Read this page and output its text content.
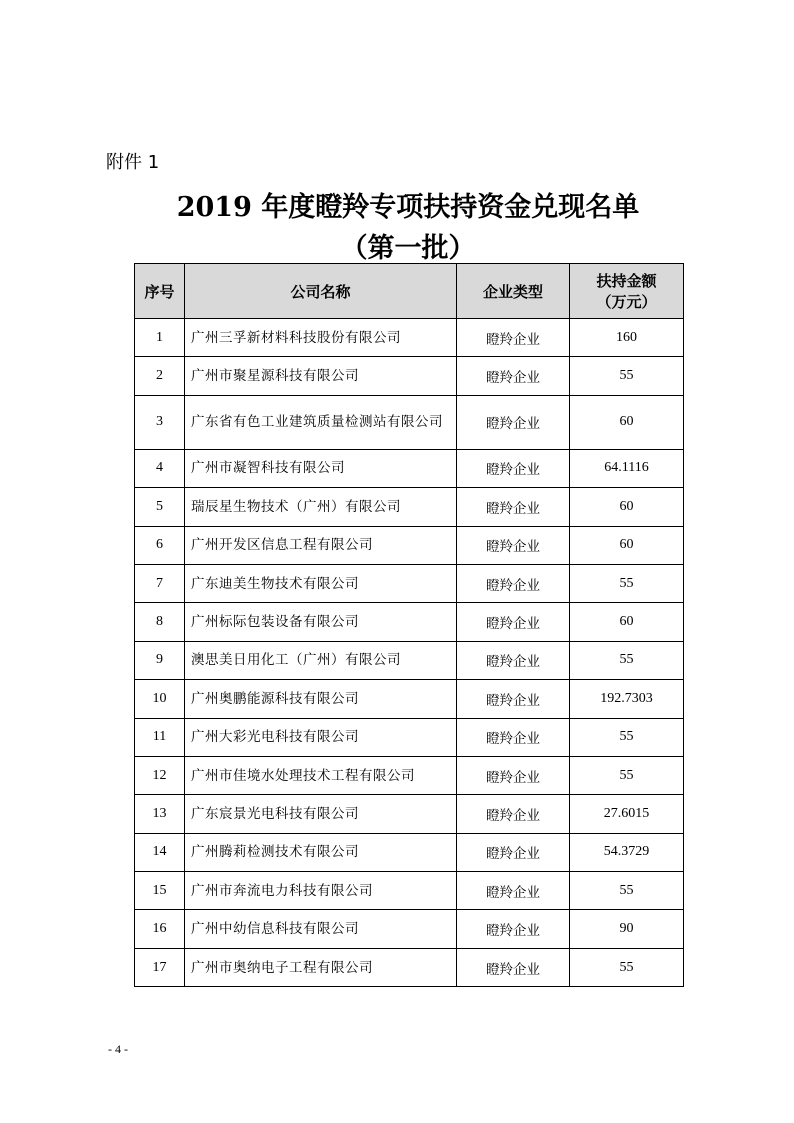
附件 1
2019 年度瞪羚专项扶持资金兑现名单
（第一批）
序号	公司名称	企业类型	扶持金额
（万元）

1	广州三孚新材料科技股份有限公司	瞪羚企业	160
2	广州市聚星源科技有限公司	瞪羚企业	55
3	广东省有色工业建筑质量检测站有限公司	瞪羚企业	60
4	广州市凝智科技有限公司	瞪羚企业	64.1116
5	瑞辰星生物技术（广州）有限公司	瞪羚企业	60
6	广州开发区信息工程有限公司	瞪羚企业	60
7	广东迪美生物技术有限公司	瞪羚企业	55
8	广州标际包装设备有限公司	瞪羚企业	60
9	澳思美日用化工（广州）有限公司	瞪羚企业	55
10	广州奥鹏能源科技有限公司	瞪羚企业	192.7303
11	广州大彩光电科技有限公司	瞪羚企业	55
12	广州市佳境水处理技术工程有限公司	瞪羚企业	55
13	广东宸景光电科技有限公司	瞪羚企业	27.6015
14	广州腾莉检测技术有限公司	瞪羚企业	54.3729
15	广州市奔流电力科技有限公司	瞪羚企业	55
16	广州中幼信息科技有限公司	瞪羚企业	90
17	广州市奥纳电子工程有限公司	瞪羚企业	55
- 4 -
